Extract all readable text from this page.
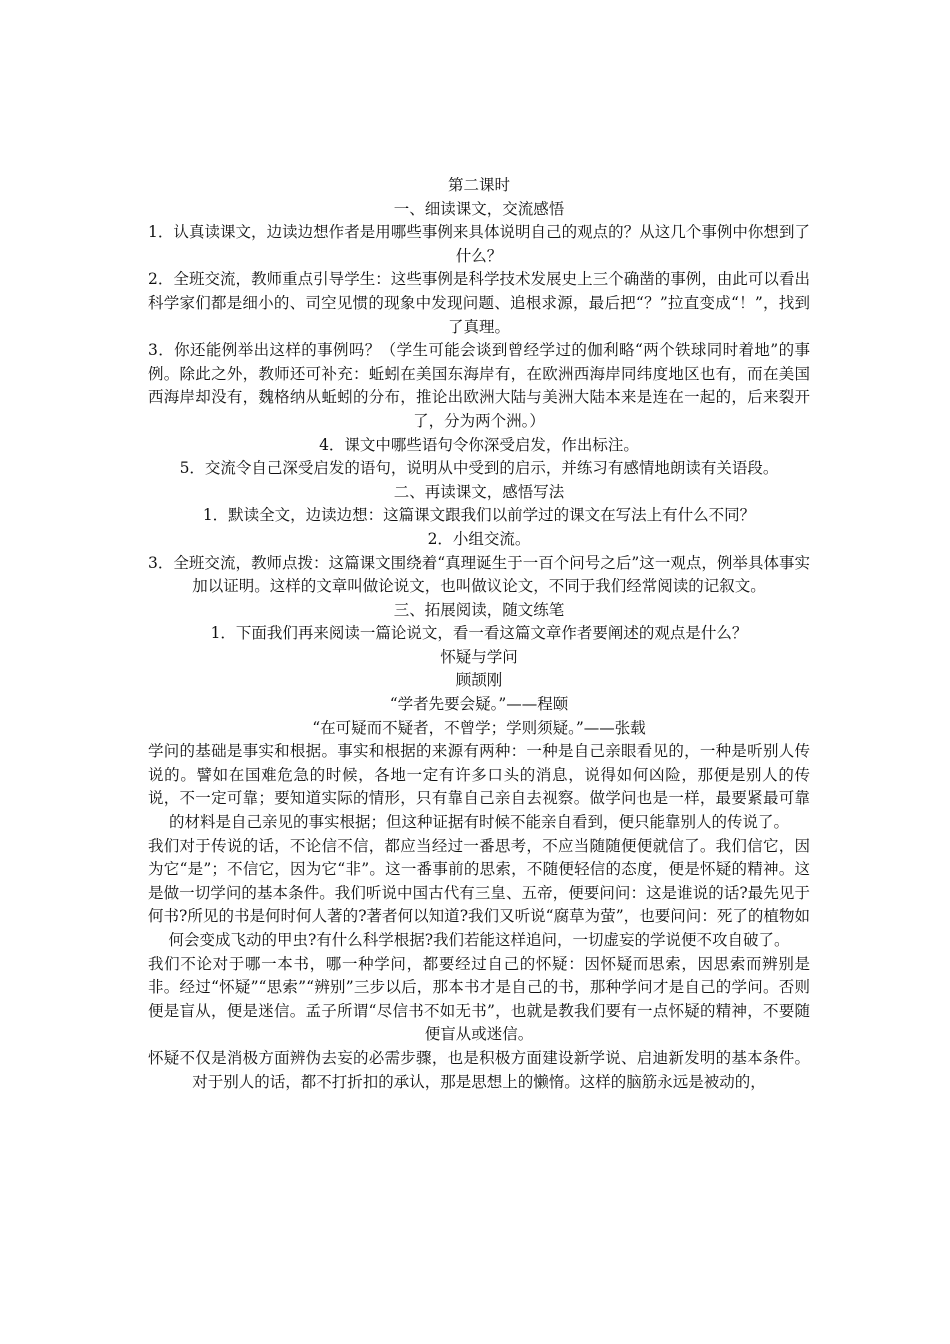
第二课时

一、细读课文，交流感悟

1．认真读课文，边读边想作者是用哪些事例来具体说明自己的观点的？从这几个事例中你想到了什么？

2．全班交流，教师重点引导学生：这些事例是科学技术发展史上三个确凿的事例，由此可以看出科学家们都是细小的、司空见惯的现象中发现问题、追根求源，最后把“？”拉直变成“！”，找到了真理。

3．你还能例举出这样的事例吗？（学生可能会谈到曾经学过的伽利略“两个铁球同时着地”的事例。除此之外，教师还可补充：蚯蚓在美国东海岸有，在欧洲西海岸同纬度地区也有，而在美国西海岸却没有，魏格纳从蚯蚓的分布，推论出欧洲大陆与美洲大陆本来是连在一起的，后来裂开了，分为两个洲。）

4．课文中哪些语句令你深受启发，作出标注。

5．交流令自己深受启发的语句，说明从中受到的启示，并练习有感情地朗读有关语段。

二、再读课文，感悟写法

1．默读全文，边读边想：这篇课文跟我们以前学过的课文在写法上有什么不同？

2．小组交流。

3．全班交流，教师点拨：这篇课文围绕着“真理诞生于一百个问号之后”这一观点，例举具体事实加以证明。这样的文章叫做论说文，也叫做议论文，不同于我们经常阅读的记叙文。

三、拓展阅读，随文练笔

1．下面我们再来阅读一篇论说文，看一看这篇文章作者要阐述的观点是什么？

怀疑与学问

顾颉刚

“学者先要会疑。”——程颐

“在可疑而不疑者，不曾学；学则须疑。”——张载

学问的基础是事实和根据。事实和根据的来源有两种：一种是自己亲眼看见的，一种是听别人传说的。譬如在国难危急的时候，各地一定有许多口头的消息，说得如何凶险，那便是别人的传说，不一定可靠；要知道实际的情形，只有靠自己亲自去视察。做学问也是一样，最要紧最可靠的材料是自己亲见的事实根据；但这种证据有时候不能亲自看到，便只能靠别人的传说了。

我们对于传说的话，不论信不信，都应当经过一番思考，不应当随随便便就信了。我们信它，因为它“是”；不信它，因为它“非”。这一番事前的思索，不随便轻信的态度，便是怀疑的精神。这是做一切学问的基本条件。我们听说中国古代有三皇、五帝，便要问问：这是谁说的话?最先见于何书?所见的书是何时何人著的?著者何以知道?我们又听说“腐草为萤”，也要问问：死了的植物如何会变成飞动的甲虫?有什么科学根据?我们若能这样追问，一切虚妄的学说便不攻自破了。

我们不论对于哪一本书，哪一种学问，都要经过自己的怀疑：因怀疑而思索，因思索而辨别是非。经过“怀疑”“思索”“辨别”三步以后，那本书才是自己的书，那种学问才是自己的学问。否则便是盲从，便是迷信。孟子所谓“尽信书不如无书”，也就是教我们要有一点怀疑的精神，不要随便盲从或迷信。

怀疑不仅是消极方面辨伪去妄的必需步骤，也是积极方面建设新学说、启迪新发明的基本条件。对于别人的话，都不打折扣的承认，那是思想上的懒惰。这样的脑筋永远是被动的，
